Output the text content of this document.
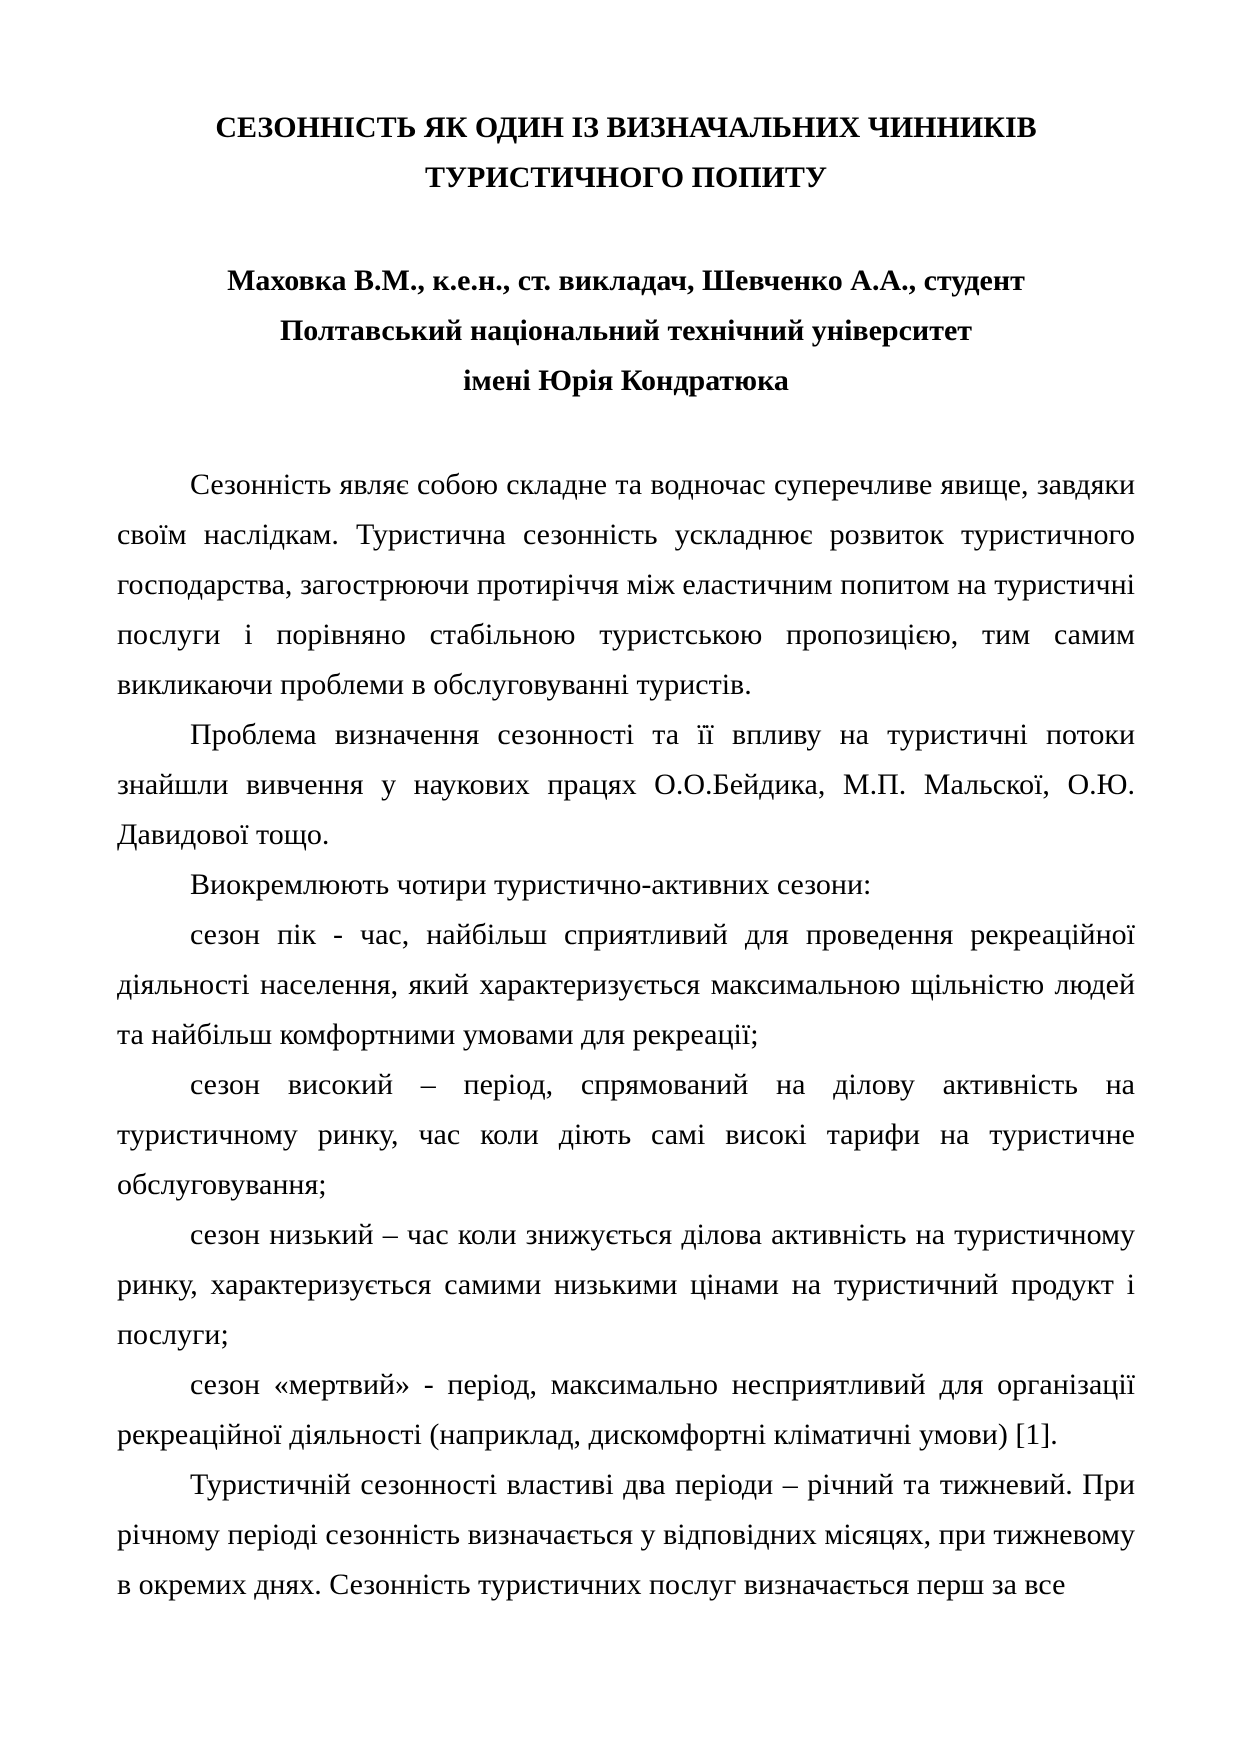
СЕЗОННІСТЬ ЯК ОДИН ІЗ ВИЗНАЧАЛЬНИХ ЧИННИКІВ
ТУРИСТИЧНОГО ПОПИТУ
Маховка В.М., к.е.н., ст. викладач, Шевченко А.А., студент
Полтавський національний технічний університет
імені Юрія Кондратюка

Сезонність являє собою складне та водночас суперечливе явище, завдяки своїм наслідкам. Туристична сезонність ускладнює розвиток туристичного господарства, загострюючи протиріччя між еластичним попитом на туристичні послуги і порівняно стабільною туристською пропозицією, тим самим викликаючи проблеми в обслуговуванні туристів.

Проблема визначення сезонності та її впливу на туристичні потоки знайшли вивчення у наукових працях О.О.Бейдика, М.П. Мальскої, О.Ю. Давидової тощо.

Виокремлюють чотири туристично-активних сезони:

сезон пік - час, найбільш сприятливий для проведення рекреаційної діяльності населення, який характеризується максимальною щільністю людей та найбільш комфортними умовами для рекреації;

сезон високий – період, спрямований на ділову активність на туристичному ринку, час коли діють самі високі тарифи на туристичне обслуговування;

сезон низький – час коли знижується ділова активність на туристичному ринку, характеризується самими низькими цінами на туристичний продукт і послуги;

сезон «мертвий» - період, максимально несприятливий для організації рекреаційної діяльності (наприклад, дискомфортні кліматичні умови) [1].

Туристичній сезонності властиві два періоди – річний та тижневий. При річному періоді сезонність визначається у відповідних місяцях, при тижневому в окремих днях. Сезонність туристичних послуг визначається перш за все
